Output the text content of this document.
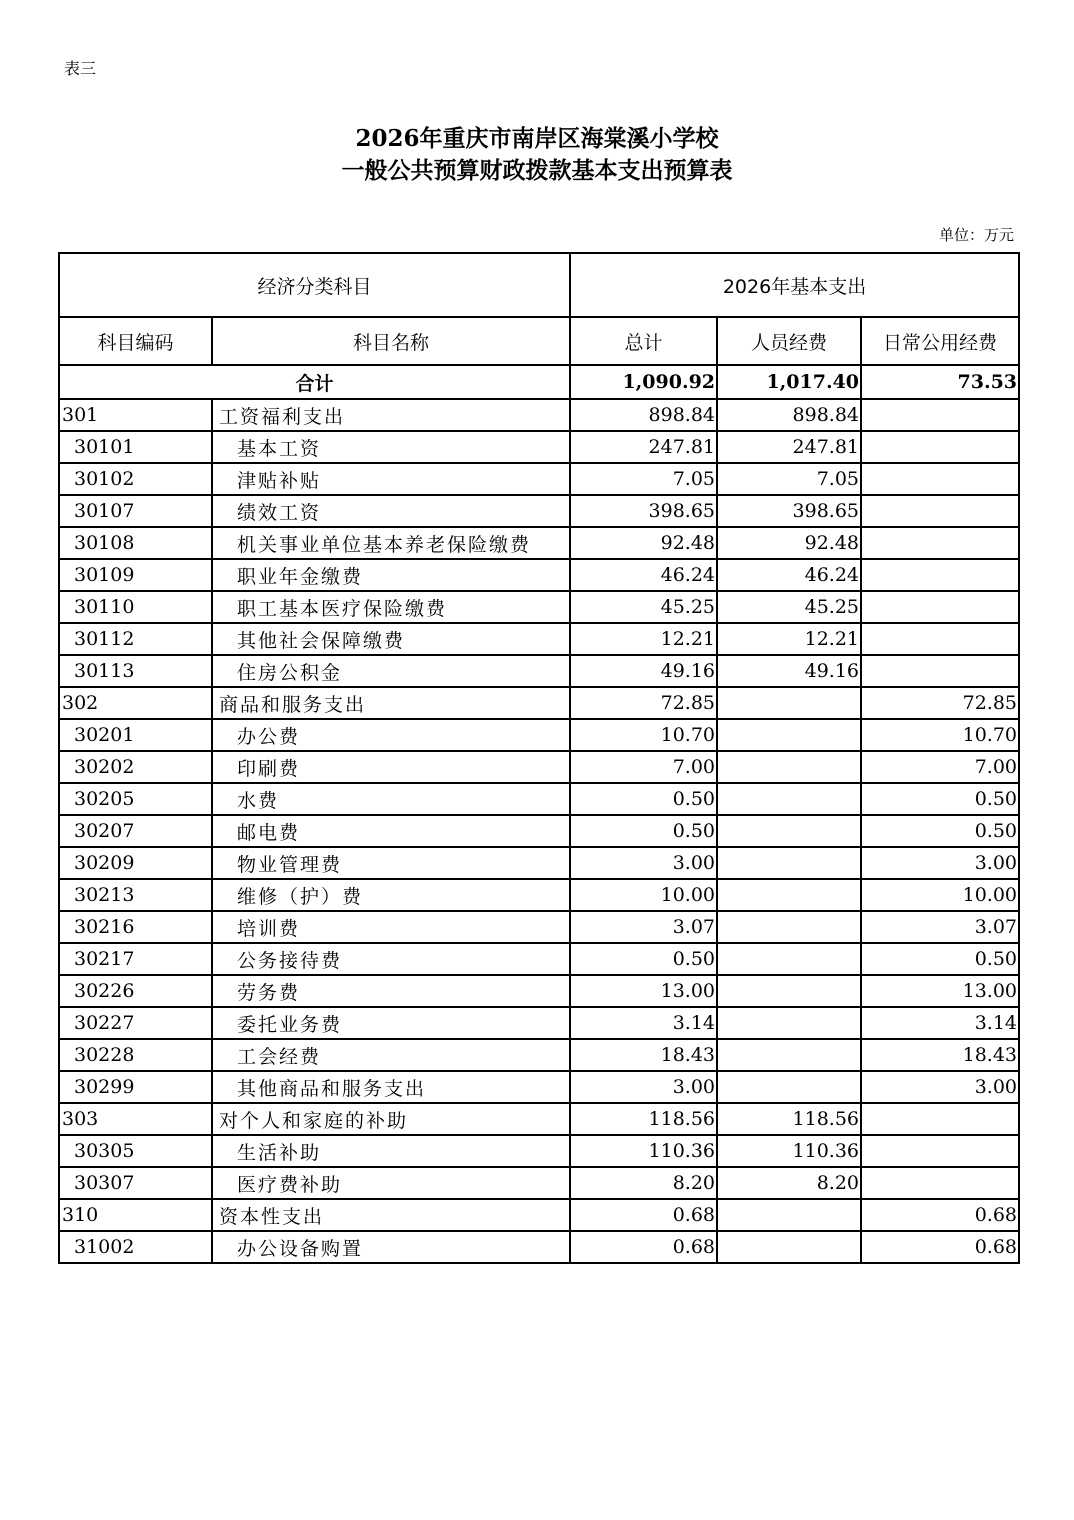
表三
2026年重庆市南岸区海棠溪小学校
一般公共预算财政拨款基本支出预算表
单位：万元
经济分类科目		2026年基本支出		
科目编码	科目名称	总计	人员经费	日常公用经费
合计		1,090.92	1,017.40	73.53
301	工资福利支出	898.84	898.84	
30101	基本工资	247.81	247.81	
30102	津贴补贴	7.05	7.05	
30107	绩效工资	398.65	398.65	
30108	机关事业单位基本养老保险缴费	92.48	92.48	
30109	职业年金缴费	46.24	46.24	
30110	职工基本医疗保险缴费	45.25	45.25	
30112	其他社会保障缴费	12.21	12.21	
30113	住房公积金	49.16	49.16	
302	商品和服务支出	72.85		72.85
30201	办公费	10.70		10.70
30202	印刷费	7.00		7.00
30205	水费	0.50		0.50
30207	邮电费	0.50		0.50
30209	物业管理费	3.00		3.00
30213	维修（护）费	10.00		10.00
30216	培训费	3.07		3.07
30217	公务接待费	0.50		0.50
30226	劳务费	13.00		13.00
30227	委托业务费	3.14		3.14
30228	工会经费	18.43		18.43
30299	其他商品和服务支出	3.00		3.00
303	对个人和家庭的补助	118.56	118.56	
30305	生活补助	110.36	110.36	
30307	医疗费补助	8.20	8.20	
310	资本性支出	0.68		0.68
31002	办公设备购置	0.68		0.68
